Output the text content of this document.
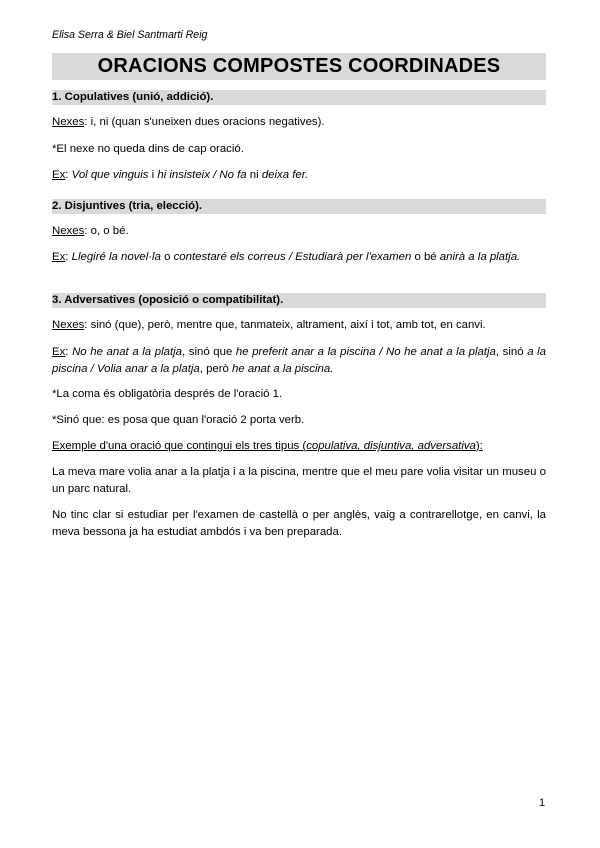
Elisa Serra & Biel Santmarti Reig
ORACIONS COMPOSTES COORDINADES
1. Copulatives (unió, addició).
Nexes: i, ni (quan s'uneixen dues oracions negatives).
*El nexe no queda dins de cap oració.
Ex: Vol que vinguis i hi insisteix / No fa ni deixa fer.
2. Disjuntives (tria, elecció).
Nexes: o, o bé.
Ex: Llegiré la novel·la o contestaré els correus / Estudiarà per l'examen o bé anirà a la platja.
3. Adversatives (oposició o compatibilitat).
Nexes: sinó (que), però, mentre que, tanmateix, altrament, així i tot, amb tot, en canvi.
Ex: No he anat a la platja, sinó que he preferit anar a la piscina / No he anat a la platja, sinó a la piscina / Volia anar a la platja, però he anat a la piscina.
*La coma és obligatòria després de l'oració 1.
*Sinó que: es posa que quan l'oració 2 porta verb.
Exemple d'una oració que contingui els tres tipus (copulativa, disjuntiva, adversativa):
La meva mare volia anar a la platja i a la piscina, mentre que el meu pare volia visitar un museu o un parc natural.
No tinc clar si estudiar per l'examen de castellà o per anglès, vaig a contrarellotge, en canvi, la meva bessona ja ha estudiat ambdós i va ben preparada.
1
